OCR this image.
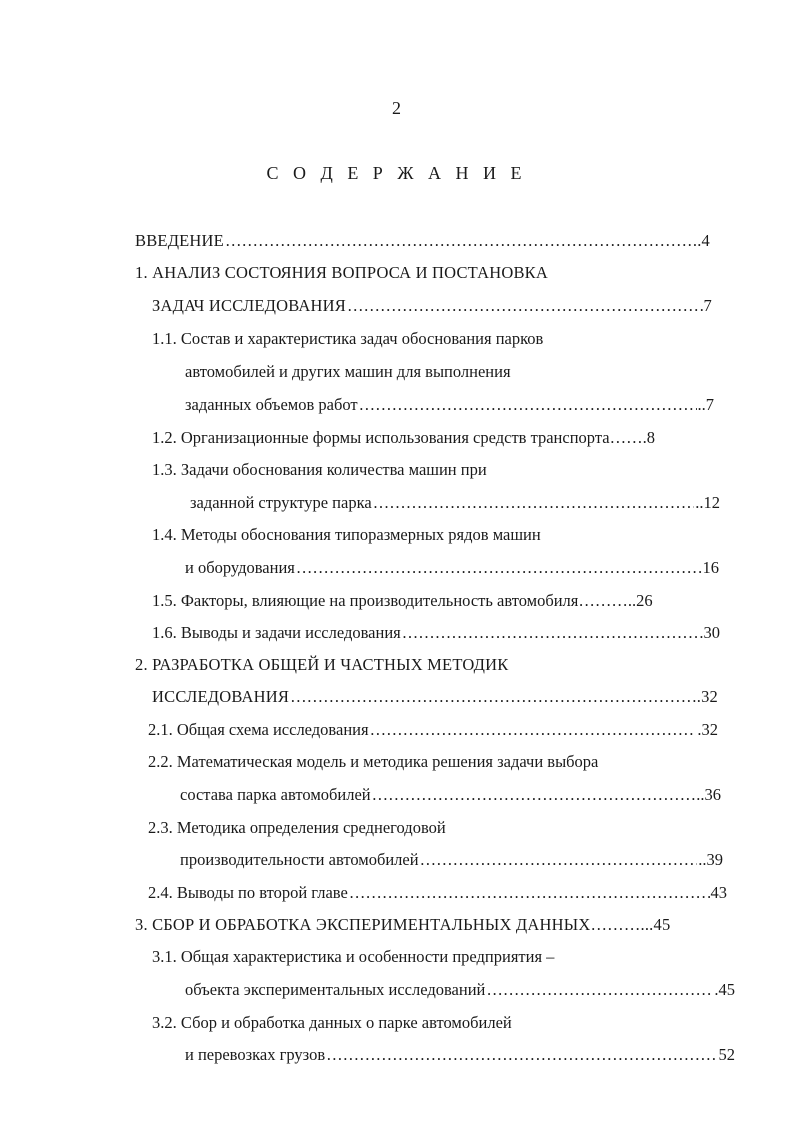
2
С О Д Е Р Ж А Н И Е
ВВЕДЕНИЕ ………………………………………………………………………………………………………………………………………………	..4
1. АНАЛИЗ СОСТОЯНИЯ ВОПРОСА И ПОСТАНОВКА
ЗАДАЧ ИССЛЕДОВАНИЯ ………………………………………………………………………………………………………………………………………………	7
1.1. Состав и характеристика задач обоснования парков
автомобилей и других машин для выполнения
заданных объемов работ ………………………………………………………………………………………………………………………………………………	..7
1.2. Организационные формы использования средств транспорта …….8
1.3. Задачи обоснования количества машин при
заданной структуре парка ………………………………………………………………………………………………………………………………………………	..12
1.4. Методы обоснования типоразмерных рядов машин
и оборудования ………………………………………………………………………………………………………………………………………………	16
1.5. Факторы, влияющие на производительность автомобиля ………..26
1.6. Выводы и задачи исследования ………………………………………………………………………………………………………………………………………………	.30
2. РАЗРАБОТКА ОБЩЕЙ И ЧАСТНЫХ МЕТОДИК
ИССЛЕДОВАНИЯ ………………………………………………………………………………………………………………………………………………	.32
2.1. Общая схема исследования ………………………………………………………………………………………………………………………………………………	.32
2.2. Математическая модель и методика решения задачи выбора
состава парка автомобилей ………………………………………………………………………………………………………………………………………………	..36
2.3. Методика определения среднегодовой
производительности автомобилей ………………………………………………………………………………………………………………………………………………	..39
2.4. Выводы по второй главе ………………………………………………………………………………………………………………………………………………	43
3. СБОР И ОБРАБОТКА ЭКСПЕРИМЕНТАЛЬНЫХ ДАННЫХ ………...45
3.1. Общая характеристика и особенности предприятия –
объекта экспериментальных исследований ………………………………………………………………………………………………………………………………………………	.45
3.2. Сбор и обработка данных о парке автомобилей
и перевозках грузов ………………………………………………………………………………………………………………………………………………	52
